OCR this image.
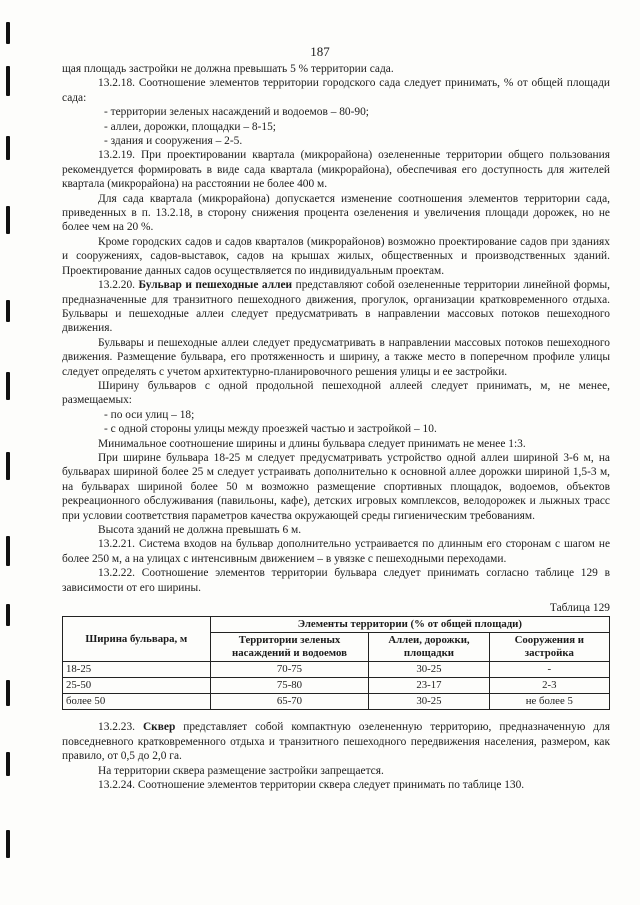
187

щая площадь застройки не должна превышать 5 % территории сада.

13.2.18. Соотношение элементов территории городского сада следует принимать, % от общей площади сада:

- территории зеленых насаждений и водоемов – 80-90;

- аллеи, дорожки, площадки – 8-15;

- здания и сооружения – 2-5.

13.2.19. При проектировании квартала (микрорайона) озелененные территории общего пользования рекомендуется формировать в виде сада квартала (микрорайона), обеспечивая его доступность для жителей квартала (микрорайона) на расстоянии не более 400 м.

Для сада квартала (микрорайона) допускается изменение соотношения элементов территории сада, приведенных в п. 13.2.18, в сторону снижения процента озеленения и увеличения площади дорожек, но не более чем на 20 %.

Кроме городских садов и садов кварталов (микрорайонов) возможно проектирование садов при зданиях и сооружениях, садов-выставок, садов на крышах жилых, общественных и производственных зданий. Проектирование данных садов осуществляется по индивидуальным проектам.

13.2.20. Бульвар и пешеходные аллеи представляют собой озелененные территории линейной формы, предназначенные для транзитного пешеходного движения, прогулок, организации кратковременного отдыха. Бульвары и пешеходные аллеи следует предусматривать в направлении массовых потоков пешеходного движения.

Бульвары и пешеходные аллеи следует предусматривать в направлении массовых потоков пешеходного движения. Размещение бульвара, его протяженность и ширину, а также место в поперечном профиле улицы следует определять с учетом архитектурно-планировочного решения улицы и ее застройки.

Ширину бульваров с одной продольной пешеходной аллеей следует принимать, м, не менее, размещаемых:

- по оси улиц – 18;

- с одной стороны улицы между проезжей частью и застройкой – 10.

Минимальное соотношение ширины и длины бульвара следует принимать не менее 1:3.

При ширине бульвара 18-25 м следует предусматривать устройство одной аллеи шириной 3-6 м, на бульварах шириной более 25 м следует устраивать дополнительно к основной аллее дорожки шириной 1,5-3 м, на бульварах шириной более 50 м возможно размещение спортивных площадок, водоемов, объектов рекреационного обслуживания (павильоны, кафе), детских игровых комплексов, велодорожек и лыжных трасс при условии соответствия параметров качества окружающей среды гигиеническим требованиям.

Высота зданий не должна превышать 6 м.

13.2.21. Система входов на бульвар дополнительно устраивается по длинным его сторонам с шагом не более 250 м, а на улицах с интенсивным движением – в увязке с пешеходными переходами.

13.2.22. Соотношение элементов территории бульвара следует принимать согласно таблице 129 в зависимости от его ширины.

Таблица 129
Ширина бульвара, м	Элементы территории (% от общей площади)		
	Территории зеленых насаждений и водоемов	Аллеи, дорожки, площадки	Сооружения и застройка
18-25	70-75	30-25	-
25-50	75-80	23-17	2-3
более 50	65-70	30-25	не более 5

13.2.23. Сквер представляет собой компактную озелененную территорию, предназначенную для повседневного кратковременного отдыха и транзитного пешеходного передвижения населения, размером, как правило, от 0,5 до 2,0 га.

На территории сквера размещение застройки запрещается.

13.2.24. Соотношение элементов территории сквера следует принимать по таблице 130.
